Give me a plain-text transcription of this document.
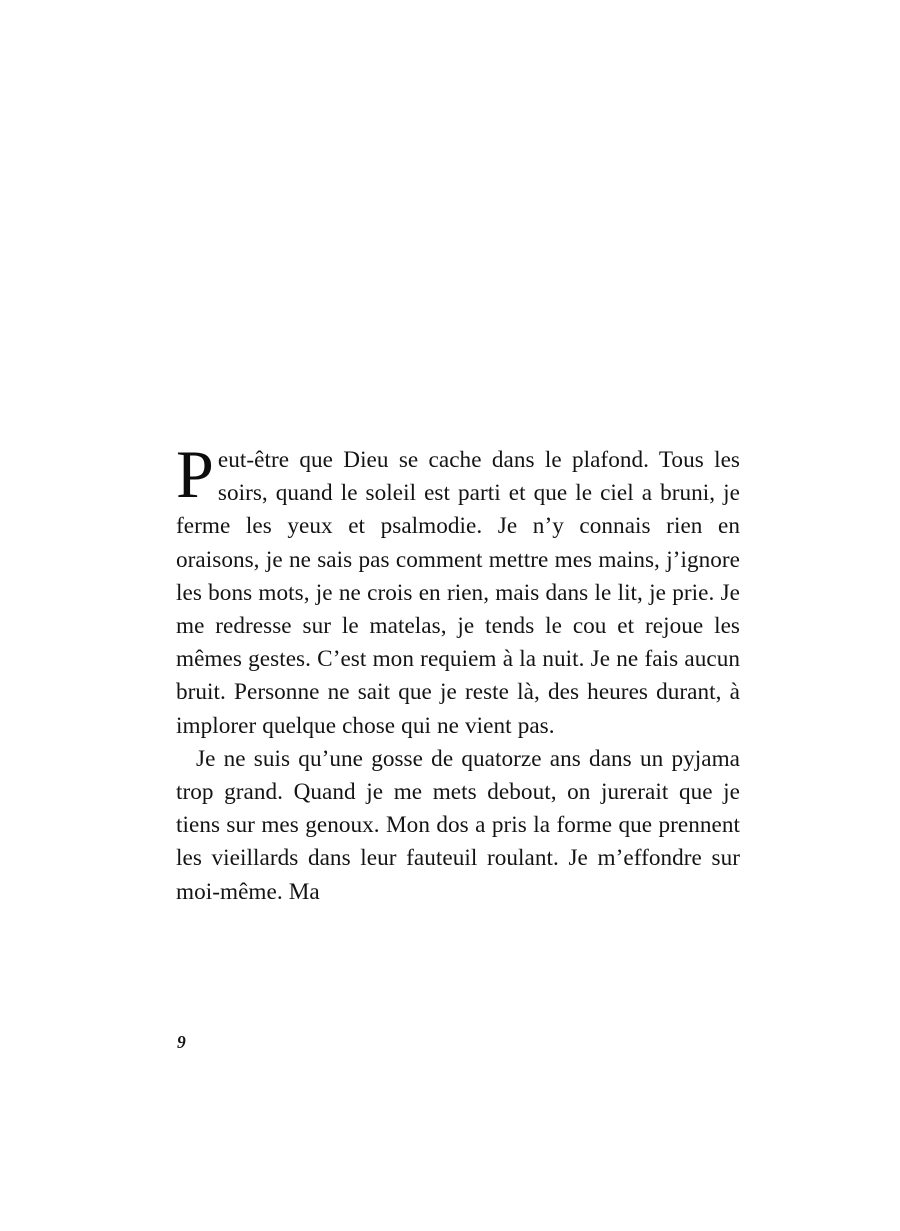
Peut-être que Dieu se cache dans le plafond. Tous les soirs, quand le soleil est parti et que le ciel a bruni, je ferme les yeux et psalmodie. Je n’y connais rien en oraisons, je ne sais pas comment mettre mes mains, j’ignore les bons mots, je ne crois en rien, mais dans le lit, je prie. Je me redresse sur le matelas, je tends le cou et rejoue les mêmes gestes. C’est mon requiem à la nuit. Je ne fais aucun bruit. Personne ne sait que je reste là, des heures durant, à implorer quelque chose qui ne vient pas.

Je ne suis qu’une gosse de quatorze ans dans un pyjama trop grand. Quand je me mets debout, on jurerait que je tiens sur mes genoux. Mon dos a pris la forme que prennent les vieillards dans leur fauteuil roulant. Je m’effondre sur moi-même. Ma

9
